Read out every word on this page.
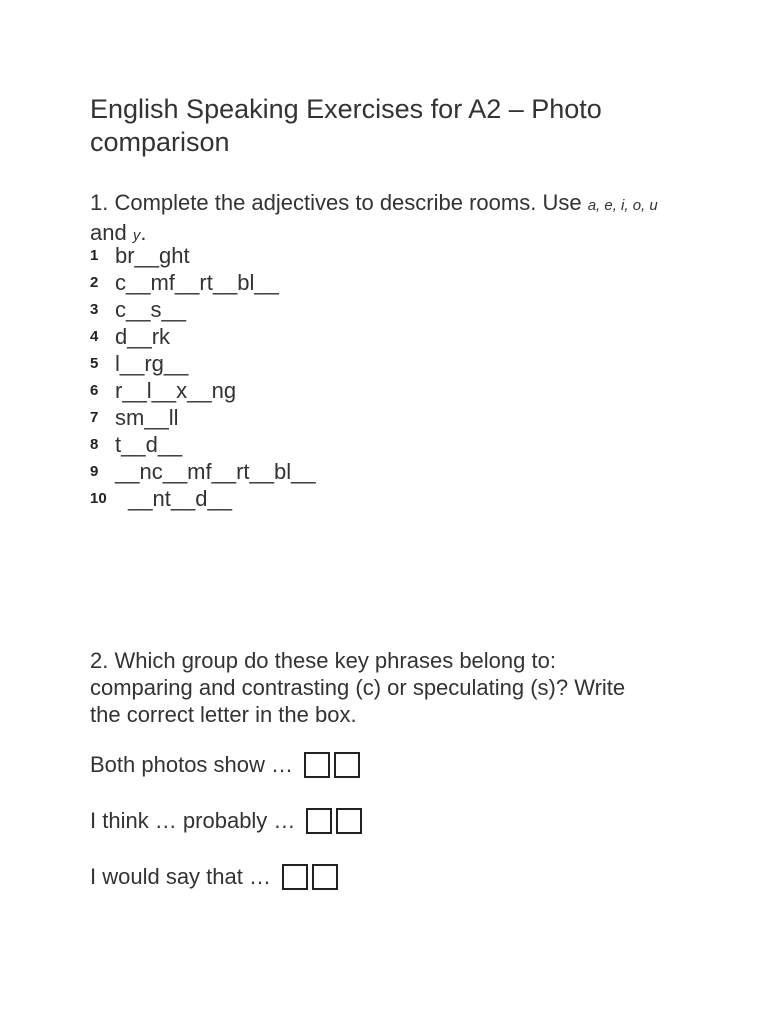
English Speaking Exercises for A2 – Photo comparison
1. Complete the adjectives to describe rooms. Use a, e, i, o, u and y.
1 br__ght
2 c__mf__rt__bl__
3 c__s__
4 d__rk
5 l__rg__
6 r__l__x__ng
7 sm__ll
8 t__d__
9 __nc__mf__rt__bl__
10 __nt__d__
2. Which group do these key phrases belong to: comparing and contrasting (c) or speculating (s)? Write the correct letter in the box.
Both photos show …
I think … probably …
I would say that …
